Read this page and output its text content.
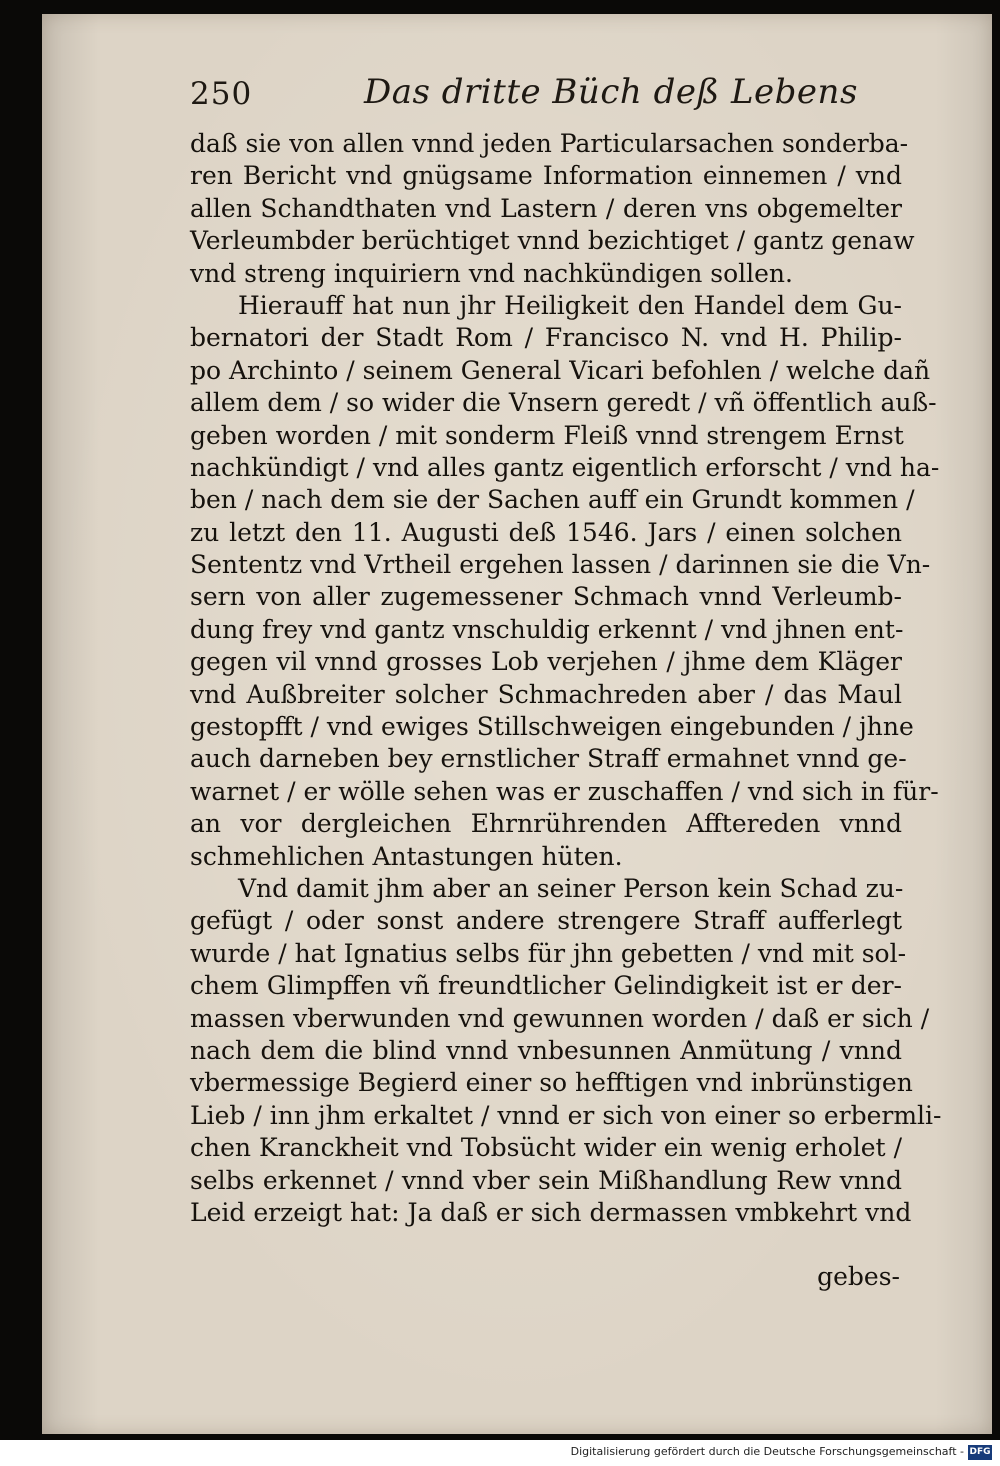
250	Das dritte Büch deß Lebens
daß sie von allen vnnd jeden Particularsachen sonderba-
ren Bericht vnd gnügsame Information einnemen / vnd
allen Schandthaten vnd Lastern / deren vns obgemelter
Verleumbder berüchtiget vnnd bezichtiget / gantz genaw
vnd streng inquiriern vnd nachkündigen sollen.
Hierauff hat nun jhr Heiligkeit den Handel dem Gu-
bernatori der Stadt Rom / Francisco N. vnd H. Philip-
po Archinto / seinem General Vicari befohlen / welche dañ
allem dem / so wider die Vnsern geredt / vñ öffentlich auß-
geben worden / mit sonderm Fleiß vnnd strengem Ernst
nachkündigt / vnd alles gantz eigentlich erforscht / vnd ha-
ben / nach dem sie der Sachen auff ein Grundt kommen /
zu letzt den 11. Augusti deß 1546. Jars / einen solchen
Sententz vnd Vrtheil ergehen lassen / darinnen sie die Vn-
sern von aller zugemessener Schmach vnnd Verleumb-
dung frey vnd gantz vnschuldig erkennt / vnd jhnen ent-
gegen vil vnnd grosses Lob verjehen / jhme dem Kläger
vnd Außbreiter solcher Schmachreden aber / das Maul
gestopfft / vnd ewiges Stillschweigen eingebunden / jhne
auch darneben bey ernstlicher Straff ermahnet vnnd ge-
warnet / er wölle sehen was er zuschaffen / vnd sich in für-
an vor dergleichen Ehrnrührenden Afftereden vnnd
schmehlichen Antastungen hüten.
Vnd damit jhm aber an seiner Person kein Schad zu-
gefügt / oder sonst andere strengere Straff aufferlegt
wurde / hat Ignatius selbs für jhn gebetten / vnd mit sol-
chem Glimpffen vñ freundtlicher Gelindigkeit ist er der-
massen vberwunden vnd gewunnen worden / daß er sich /
nach dem die blind vnnd vnbesunnen Anmütung / vnnd
vbermessige Begierd einer so hefftigen vnd inbrünstigen
Lieb / inn jhm erkaltet / vnnd er sich von einer so erbermli-
chen Kranckheit vnd Tobsücht wider ein wenig erholet /
selbs erkennet / vnnd vber sein Mißhandlung Rew vnnd
Leid erzeigt hat: Ja daß er sich dermassen vmbkehrt vnd
gebes-
Digitalisierung gefördert durch die Deutsche Forschungsgemeinschaft - DFG
